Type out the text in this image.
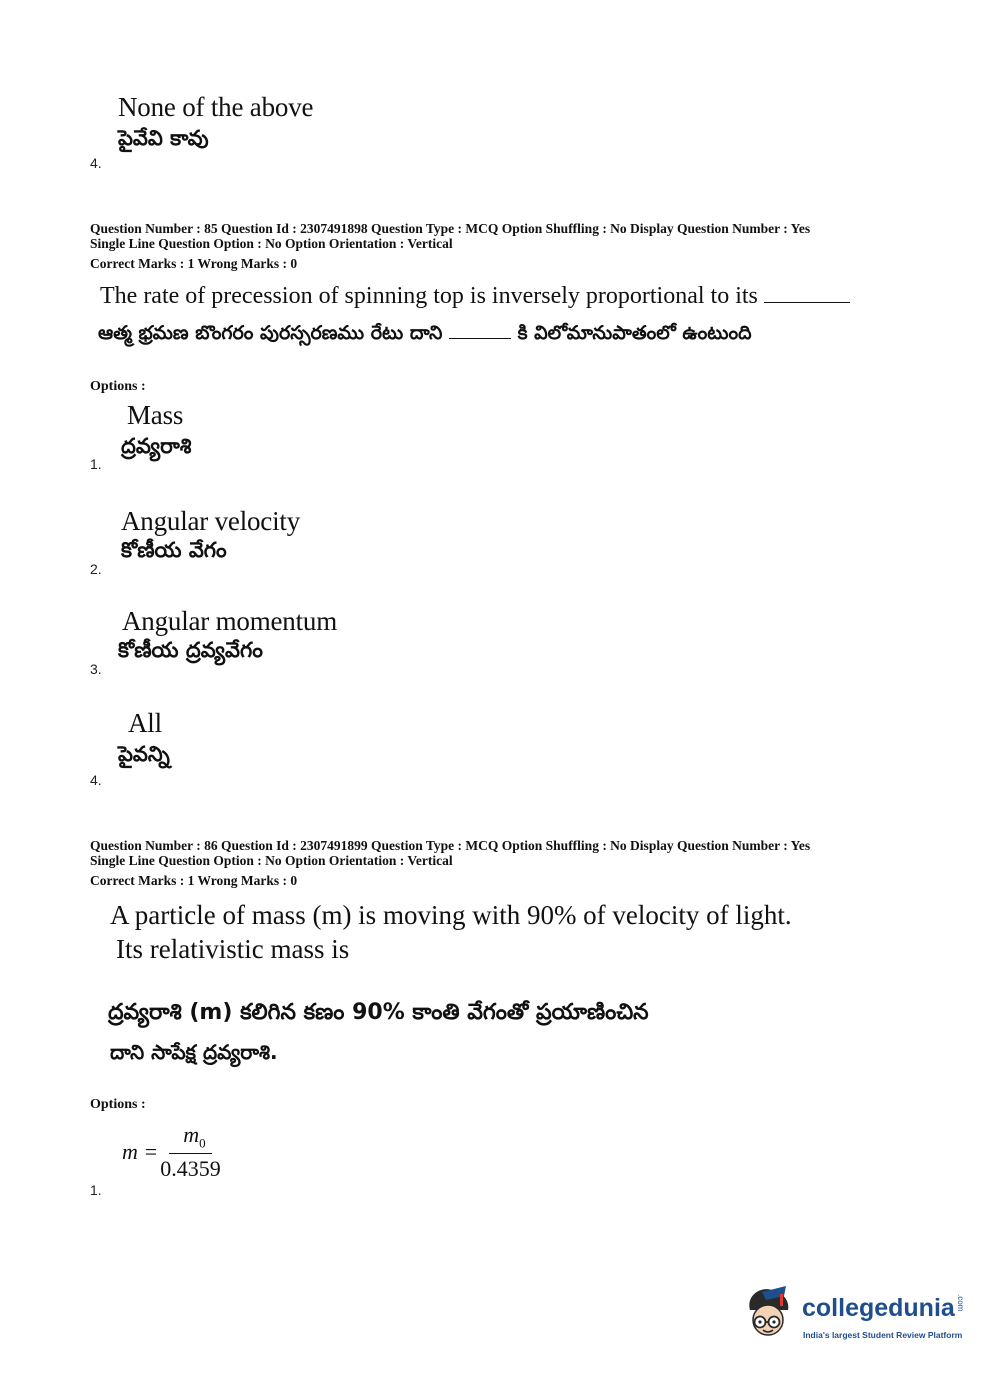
None of the above
పైవేవి కావు
4.
Question Number : 85 Question Id : 2307491898 Question Type : MCQ Option Shuffling : No Display Question Number : Yes
Single Line Question Option : No Option Orientation : Vertical
Correct Marks : 1 Wrong Marks : 0
The rate of precession of spinning top is inversely proportional to its
ఆత్మ భ్రమణ బొంగరం పురస్సరణము రేటు దాని	కి విలోమానుపాతంలో ఉంటుంది
Options :
Mass
ద్రవ్యరాశి
1.
Angular velocity
కోణీయ వేగం
2.
Angular momentum
కోణీయ ద్రవ్యవేగం
3.
All
పైవన్ని
4.
Question Number : 86 Question Id : 2307491899 Question Type : MCQ Option Shuffling : No Display Question Number : Yes
Single Line Question Option : No Option Orientation : Vertical
Correct Marks : 1 Wrong Marks : 0
A particle of mass (m) is moving with 90% of velocity of light.
Its relativistic mass is
ద్రవ్యరాశి (m) కలిగిన కణం 90% కాంతి వేగంతో ప్రయాణించిన
దాని సాపేక్ష ద్రవ్యరాశి.
Options :
$m = \frac{m_0}{0.4359}$
1.
collegedunia.com
India's largest Student Review Platform
